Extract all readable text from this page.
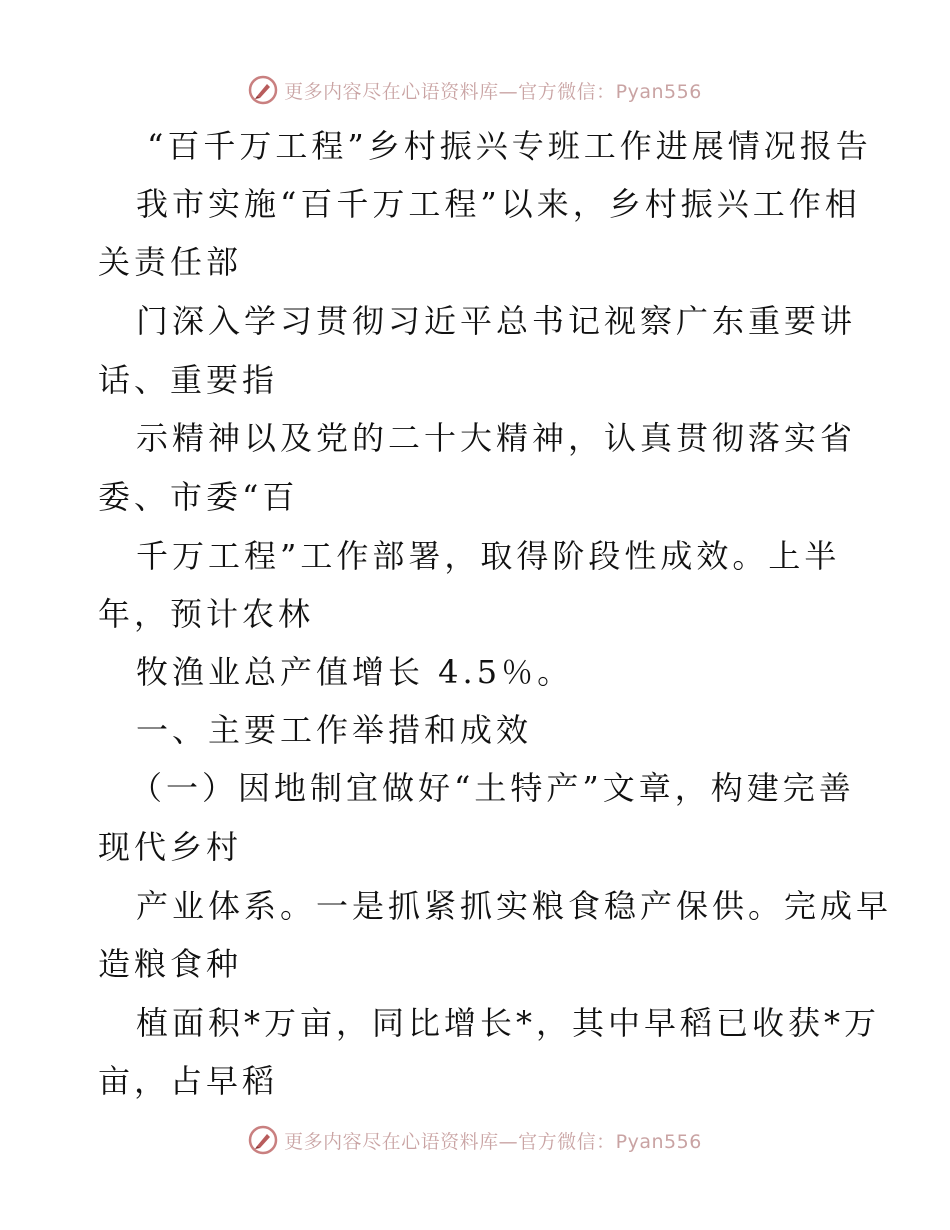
更多内容尽在心语资料库—官方微信：Pyan556
“百千万工程”乡村振兴专班工作进展情况报告
我市实施“百千万工程”以来，乡村振兴工作相
关责任部
门深入学习贯彻习近平总书记视察广东重要讲
话、重要指
示精神以及党的二十大精神，认真贯彻落实省
委、市委“百
千万工程”工作部署，取得阶段性成效。上半
年，预计农林
牧渔业总产值增长 4.5％。
一、主要工作举措和成效
（一）因地制宜做好“土特产”文章，构建完善
现代乡村
产业体系。一是抓紧抓实粮食稳产保供。完成早
造粮食种
植面积*万亩，同比增长*，其中早稻已收获*万
亩，占早稻
更多内容尽在心语资料库—官方微信：Pyan556
